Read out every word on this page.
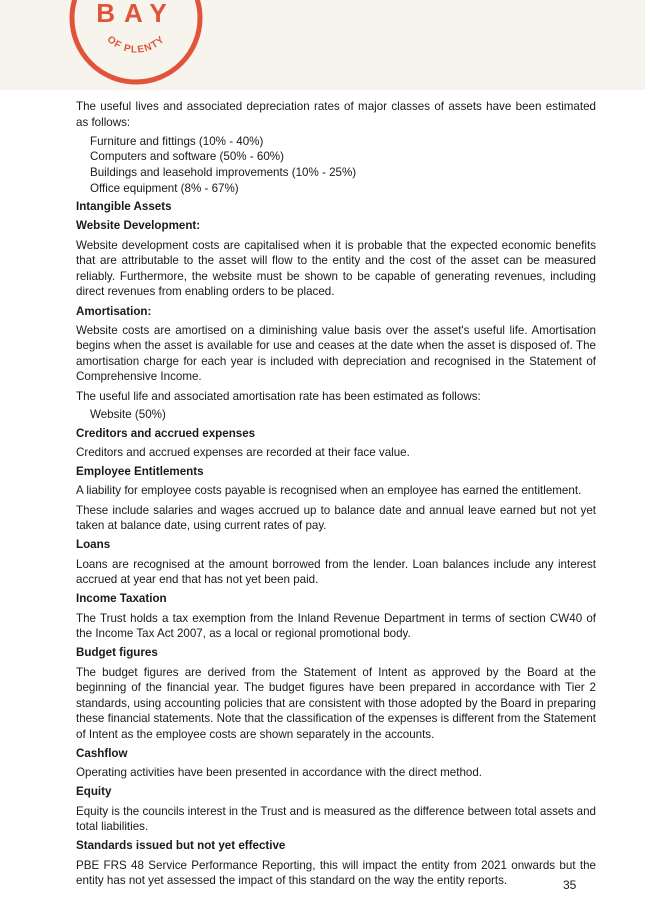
BAY
OF PLENTY

The useful lives and associated depreciation rates of major classes of assets have been estimated as follows:

Furniture and fittings (10% - 40%)
Computers and software (50% - 60%)
Buildings and leasehold improvements (10% - 25%)
Office equipment (8% - 67%)
Intangible Assets
Website Development:

Website development costs are capitalised when it is probable that the expected economic benefits that are attributable to the asset will flow to the entity and the cost of the asset can be measured reliably. Furthermore, the website must be shown to be capable of generating revenues, including direct revenues from enabling orders to be placed.

Amortisation:

Website costs are amortised on a diminishing value basis over the asset's useful life. Amortisation begins when the asset is available for use and ceases at the date when the asset is disposed of. The amortisation charge for each year is included with depreciation and recognised in the Statement of Comprehensive Income.

The useful life and associated amortisation rate has been estimated as follows:

Website (50%)
Creditors and accrued expenses

Creditors and accrued expenses are recorded at their face value.

Employee Entitlements

A liability for employee costs payable is recognised when an employee has earned the entitlement.

These include salaries and wages accrued up to balance date and annual leave earned but not yet taken at balance date, using current rates of pay.

Loans

Loans are recognised at the amount borrowed from the lender. Loan balances include any interest accrued at year end that has not yet been paid.

Income Taxation

The Trust holds a tax exemption from the Inland Revenue Department in terms of section CW40 of the Income Tax Act 2007, as a local or regional promotional body.

Budget figures

The budget figures are derived from the Statement of Intent as approved by the Board at the beginning of the financial year. The budget figures have been prepared in accordance with Tier 2 standards, using accounting policies that are consistent with those adopted by the Board in preparing these financial statements. Note that the classification of the expenses is different from the Statement of Intent as the employee costs are shown separately in the accounts.

Cashflow

Operating activities have been presented in accordance with the direct method.

Equity

Equity is the councils interest in the Trust and is measured as the difference between total assets and total liabilities.

Standards issued but not yet effective

PBE FRS 48 Service Performance Reporting, this will impact the entity from 2021 onwards but the entity has not yet assessed the impact of this standard on the way the entity reports.	35
